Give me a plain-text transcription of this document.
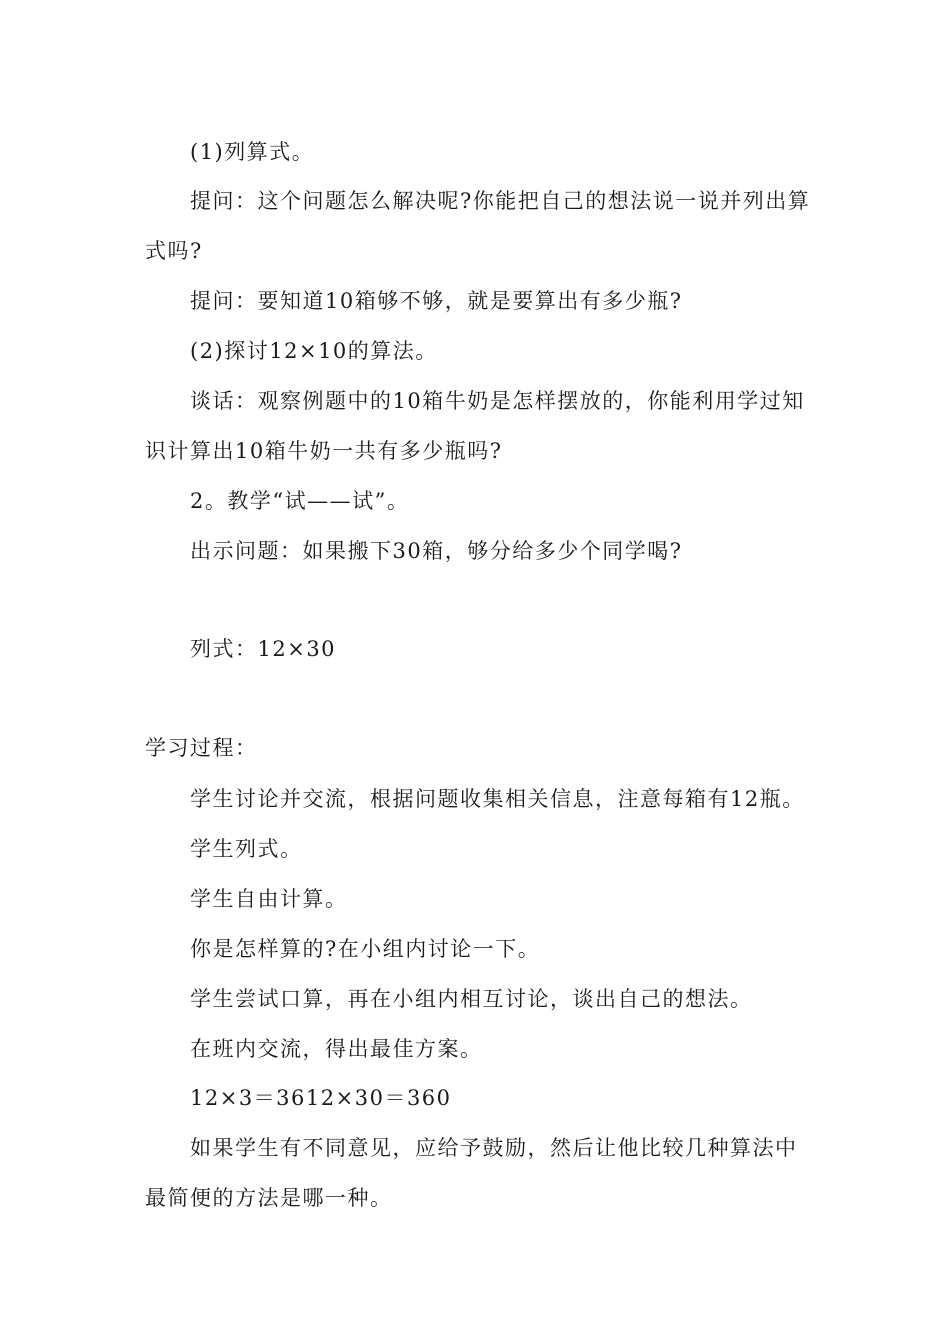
(1)列算式。
提问：这个问题怎么解决呢?你能把自己的想法说一说并列出算
式吗?
提问：要知道10箱够不够，就是要算出有多少瓶?
(2)探讨12×10的算法。
谈话：观察例题中的10箱牛奶是怎样摆放的，你能利用学过知
识计算出10箱牛奶一共有多少瓶吗?
2。教学“试——试”。
出示问题：如果搬下30箱，够分给多少个同学喝?
列式：12×30
学习过程：
学生讨论并交流，根据问题收集相关信息，注意每箱有12瓶。
学生列式。
学生自由计算。
你是怎样算的?在小组内讨论一下。
学生尝试口算，再在小组内相互讨论，谈出自己的想法。
在班内交流，得出最佳方案。
12×3＝3612×30＝360
如果学生有不同意见，应给予鼓励，然后让他比较几种算法中
最简便的方法是哪一种。
